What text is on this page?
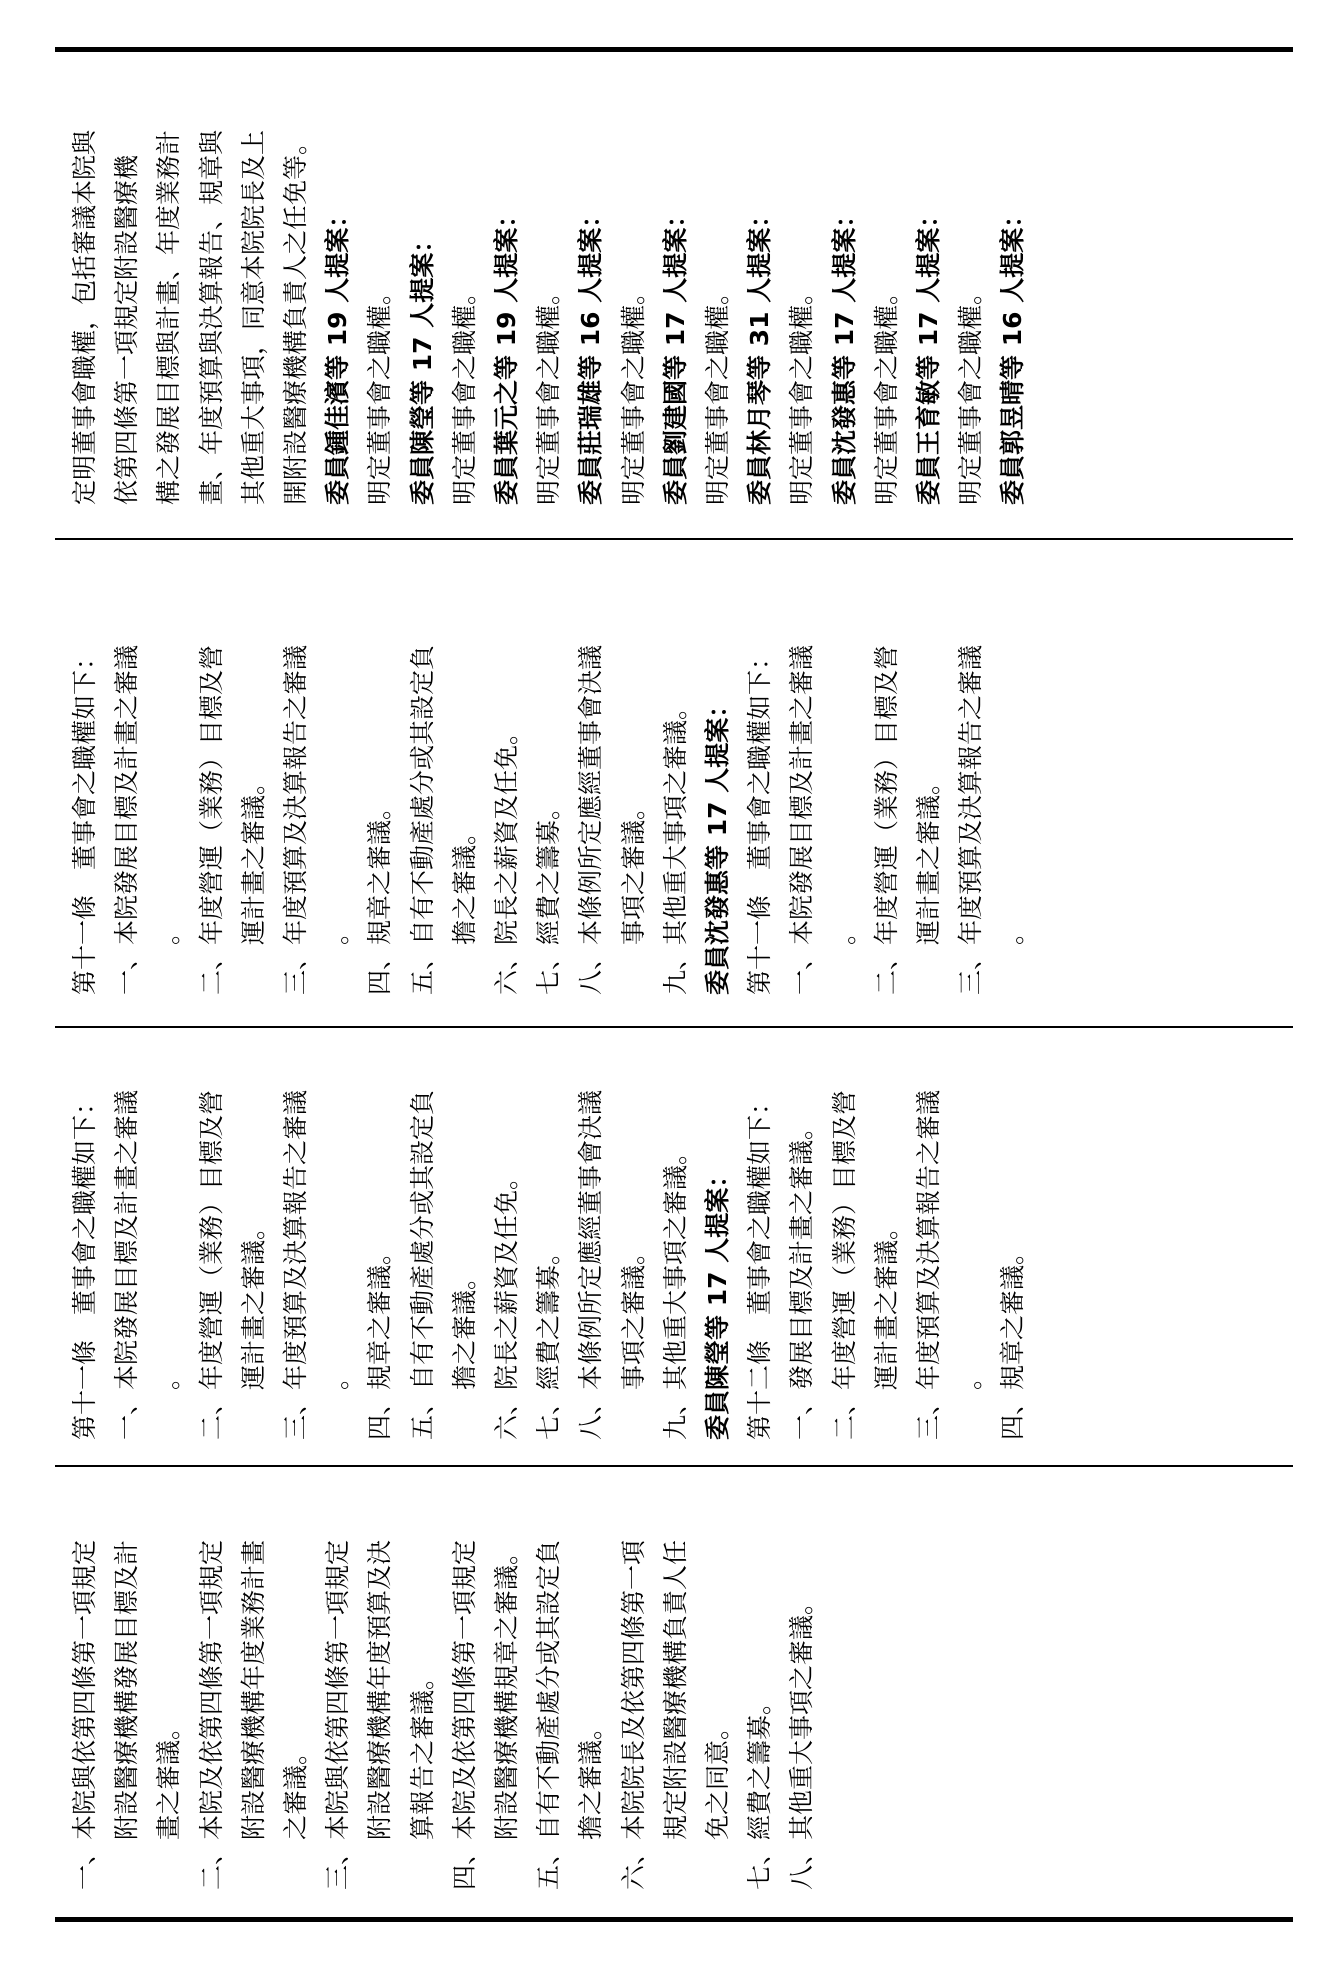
定明董事會職權，包括審議本院與 依第四條第一項規定附設醫療機 構之發展目標與計畫、年度業務計 畫、年度預算與決算報告、規章與 其他重大事項，同意本院院長及上 開附設醫療機構負責人之任免等。 委員鍾佳濱等 19 人提案： 明定董事會之職權。 委員陳瑩等 17 人提案： 明定董事會之職權。 委員葉元之等 19 人提案： 明定董事會之職權。 委員莊瑞雄等 16 人提案： 明定董事會之職權。 委員劉建國等 17 人提案： 明定董事會之職權。 委員林月琴等 31 人提案： 明定董事會之職權。 委員沈發惠等 17 人提案： 明定董事會之職權。 委員王育敏等 17 人提案： 明定董事會之職權。 委員郭昱晴等 16 人提案：
第十一條　董事會之職權如下： 一、本院發展目標及計畫之審議 　　。 二、年度營運（業務）目標及營 　　運計畫之審議。 三、年度預算及決算報告之審議 　　。 四、規章之審議。 五、自有不動產處分或其設定負 　　擔之審議。 六、院長之薪資及任免。 七、經費之籌募。 八、本條例所定應經董事會決議 　　事項之審議。 九、其他重大事項之審議。 委員沈發惠等 17 人提案： 第十一條　董事會之職權如下： 一、本院發展目標及計畫之審議 　　。 二、年度營運（業務）目標及營 　　運計畫之審議。 三、年度預算及決算報告之審議 　　。
第十一條　董事會之職權如下： 一、本院發展目標及計畫之審議 　　。 二、年度營運（業務）目標及營 　　運計畫之審議。 三、年度預算及決算報告之審議 　　。 四、規章之審議。 五、自有不動產處分或其設定負 　　擔之審議。 六、院長之薪資及任免。 七、經費之籌募。 八、本條例所定應經董事會決議 　　事項之審議。 九、其他重大事項之審議。 委員陳瑩等 17 人提案： 第十二條　董事會之職權如下： 一、發展目標及計畫之審議。 二、年度營運（業務）目標及營 　　運計畫之審議。 三、年度預算及決算報告之審議 　　。 四、規章之審議。
一、本院與依第四條第一項規定 　　附設醫療機構發展目標及計 　　畫之審議。 二、本院及依第四條第一項規定 　　附設醫療機構年度業務計畫 　　之審議。 三、本院與依第四條第一項規定 　　附設醫療機構年度預算及決 　　算報告之審議。 四、本院及依第四條第一項規定 　　附設醫療機構規章之審議。 五、自有不動產處分或其設定負 　　擔之審議。 六、本院院長及依第四條第一項 　　規定附設醫療機構負責人任 　　免之同意。 七、經費之籌募。 八、其他重大事項之審議。
